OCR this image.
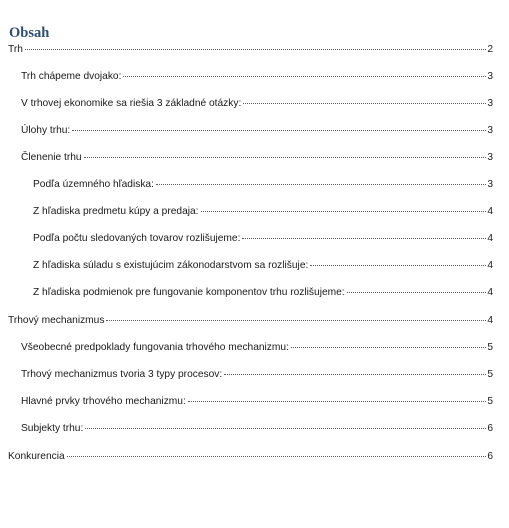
Obsah
Trh	2
Trh chápeme dvojako:	3
V trhovej ekonomike sa riešia 3 základné otázky:	3
Úlohy trhu:	3
Členenie trhu	3
Podľa územného hľadiska:	3
Z hľadiska predmetu kúpy a predaja:	4
Podľa počtu sledovaných tovarov rozlišujeme:	4
Z hľadiska súladu s existujúcim zákonodarstvom sa rozlišuje:	4
Z hľadiska podmienok pre fungovanie komponentov trhu rozlišujeme:	4
Trhový mechanizmus	4
Všeobecné predpoklady fungovania trhového mechanizmu:	5
Trhový mechanizmus tvoria 3 typy procesov:	5
Hlavné prvky trhového mechanizmu:	5
Subjekty trhu:	6
Konkurencia	6
